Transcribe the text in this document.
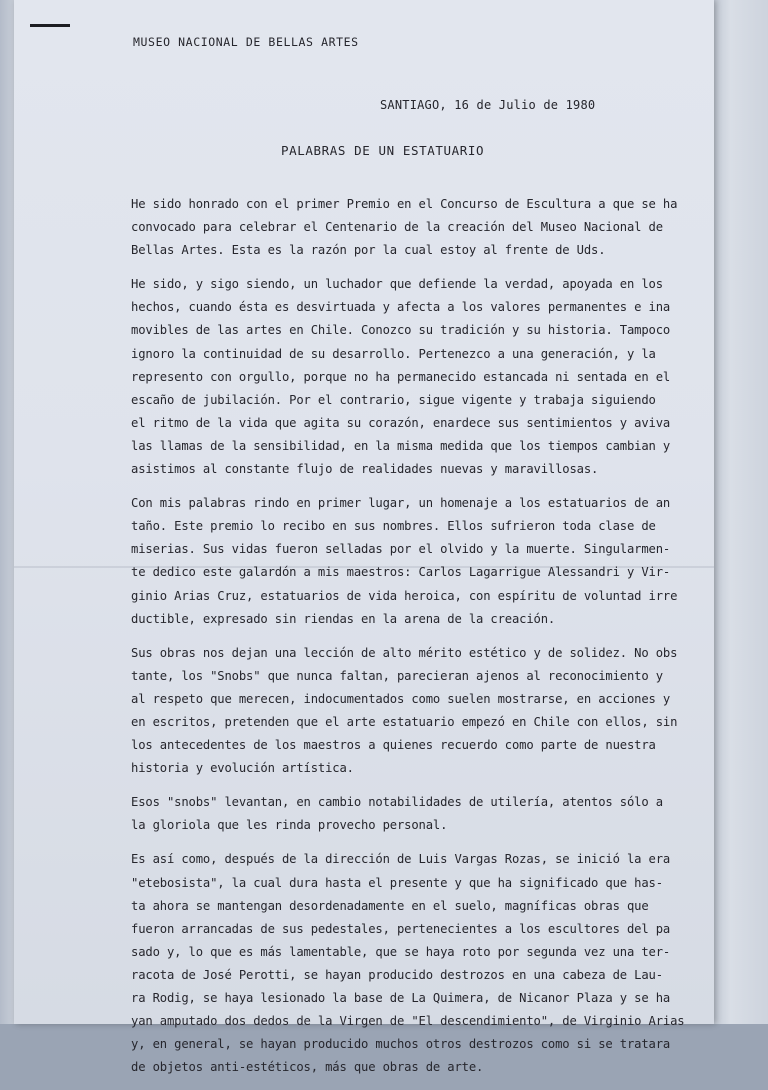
MUSEO NACIONAL DE BELLAS ARTES
SANTIAGO, 16 de Julio de 1980
PALABRAS DE UN ESTATUARIO
He sido honrado con el primer Premio en el Concurso de Escultura a que se ha
convocado para celebrar el Centenario de la creación del Museo Nacional de
Bellas Artes. Esta es la razón por la cual estoy al frente de Uds.
He sido, y sigo siendo, un luchador que defiende la verdad, apoyada en los
hechos, cuando ésta es desvirtuada y afecta a los valores permanentes e ina
movibles de las artes en Chile. Conozco su tradición y su historia. Tampoco
ignoro la continuidad de su desarrollo. Pertenezco a una generación, y la
represento con orgullo, porque no ha permanecido estancada ni sentada en el
escaño de jubilación. Por el contrario, sigue vigente y trabaja siguiendo
el ritmo de la vida que agita su corazón, enardece sus sentimientos y aviva
las llamas de la sensibilidad, en la misma medida que los tiempos cambian y
asistimos al constante flujo de realidades nuevas y maravillosas.
Con mis palabras rindo en primer lugar, un homenaje a los estatuarios de an
taño. Este premio lo recibo en sus nombres. Ellos sufrieron toda clase de
miserias. Sus vidas fueron selladas por el olvido y la muerte. Singularmen-
te dedico este galardón a mis maestros: Carlos Lagarrigue Alessandri y Vir-
ginio Arias Cruz, estatuarios de vida heroica, con espíritu de voluntad irre
ductible, expresado sin riendas en la arena de la creación.
Sus obras nos dejan una lección de alto mérito estético y de solidez. No obs
tante, los "Snobs" que nunca faltan, parecieran ajenos al reconocimiento y
al respeto que merecen, indocumentados como suelen mostrarse, en acciones y
en escritos, pretenden que el arte estatuario empezó en Chile con ellos, sin
los antecedentes de los maestros a quienes recuerdo como parte de nuestra
historia y evolución artística.
Esos "snobs" levantan, en cambio notabilidades de utilería, atentos sólo a
la gloriola que les rinda provecho personal.
Es así como, después de la dirección de Luis Vargas Rozas, se inició la era
"etebosista", la cual dura hasta el presente y que ha significado que has-
ta ahora se mantengan desordenadamente en el suelo, magníficas obras que
fueron arrancadas de sus pedestales, pertenecientes a los escultores del pa
sado y, lo que es más lamentable, que se haya roto por segunda vez una ter-
racota de José Perotti, se hayan producido destrozos en una cabeza de Lau-
ra Rodig, se haya lesionado la base de La Quimera, de Nicanor Plaza y se ha
yan amputado dos dedos de la Virgen de "El descendimiento", de Virginio Arias
y, en general, se hayan producido muchos otros destrozos como si se tratara
de objetos anti-estéticos, más que obras de arte.
